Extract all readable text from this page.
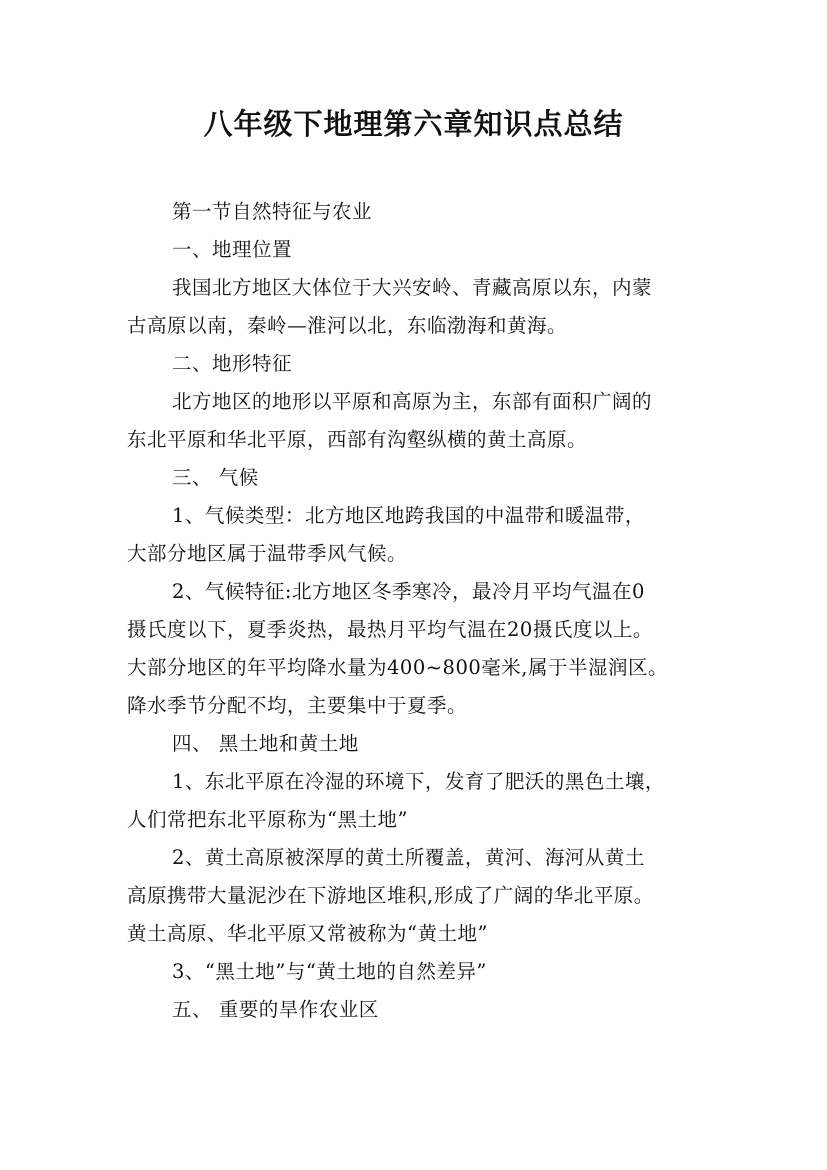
八年级下地理第六章知识点总结
第一节自然特征与农业
一、地理位置
我国北方地区大体位于大兴安岭、青藏高原以东，内蒙
古高原以南，秦岭—淮河以北，东临渤海和黄海。
二、地形特征
北方地区的地形以平原和高原为主，东部有面积广阔的
东北平原和华北平原，西部有沟壑纵横的黄土高原。
三、 气候
1、气候类型：北方地区地跨我国的中温带和暖温带，
大部分地区属于温带季风气候。
2、气候特征:北方地区冬季寒冷，最冷月平均气温在0
摄氏度以下，夏季炎热，最热月平均气温在20摄氏度以上。
大部分地区的年平均降水量为400~800毫米,属于半湿润区。
降水季节分配不均，主要集中于夏季。
四、 黑土地和黄土地
1、东北平原在冷湿的环境下，发育了肥沃的黑色土壤，
人们常把东北平原称为“黑土地”
2、黄土高原被深厚的黄土所覆盖，黄河、海河从黄土
高原携带大量泥沙在下游地区堆积,形成了广阔的华北平原。
黄土高原、华北平原又常被称为“黄土地”
3、“黑土地”与“黄土地的自然差异”
五、 重要的旱作农业区
